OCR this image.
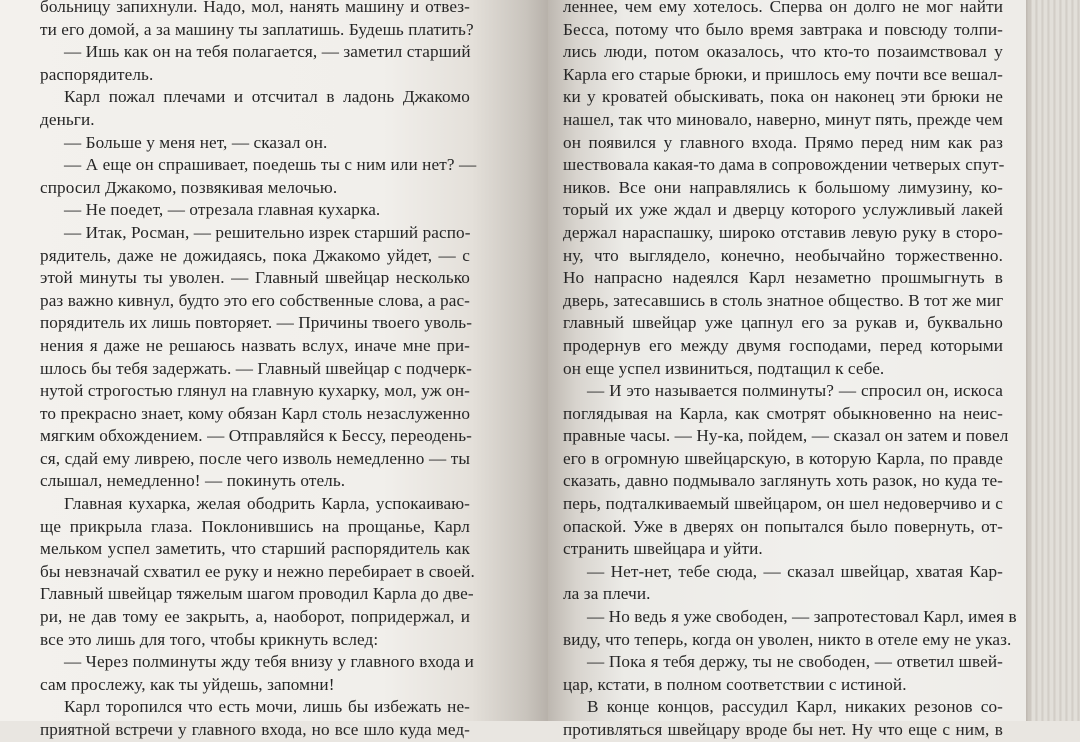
больницу запихнули. Надо, мол, нанять машину и отвез-
ти его домой, а за машину ты заплатишь. Будешь платить?
— Ишь как он на тебя полагается, — заметил старший
распорядитель.
Карл пожал плечами и отсчитал в ладонь Джакомо
деньги.
— Больше у меня нет, — сказал он.
— А еще он спрашивает, поедешь ты с ним или нет? —
спросил Джакомо, позвякивая мелочью.
— Не поедет, — отрезала главная кухарка.
— Итак, Росман, — решительно изрек старший распо-
рядитель, даже не дожидаясь, пока Джакомо уйдет, — с
этой минуты ты уволен. — Главный швейцар несколько
раз важно кивнул, будто это его собственные слова, а рас-
порядитель их лишь повторяет. — Причины твоего уволь-
нения я даже не решаюсь назвать вслух, иначе мне при-
шлось бы тебя задержать. — Главный швейцар с подчерк-
нутой строгостью глянул на главную кухарку, мол, уж он-
то прекрасно знает, кому обязан Карл столь незаслуженно
мягким обхождением. — Отправляйся к Бессу, переодень-
ся, сдай ему ливрею, после чего изволь немедленно — ты
слышал, немедленно! — покинуть отель.
Главная кухарка, желая ободрить Карла, успокаиваю-
ще прикрыла глаза. Поклонившись на прощанье, Карл
мельком успел заметить, что старший распорядитель как
бы невзначай схватил ее руку и нежно перебирает в своей.
Главный швейцар тяжелым шагом проводил Карла до две-
ри, не дав тому ее закрыть, а, наоборот, попридержал, и
все это лишь для того, чтобы крикнуть вслед:
— Через полминуты жду тебя внизу у главного входа и
сам прослежу, как ты уйдешь, запомни!
Карл торопился что есть мочи, лишь бы избежать не-
приятной встречи у главного входа, но все шло куда мед-
леннее, чем ему хотелось. Сперва он долго не мог найти
Бесса, потому что было время завтрака и повсюду толпи-
лись люди, потом оказалось, что кто-то позаимствовал у
Карла его старые брюки, и пришлось ему почти все вешал-
ки у кроватей обыскивать, пока он наконец эти брюки не
нашел, так что миновало, наверно, минут пять, прежде чем
он появился у главного входа. Прямо перед ним как раз
шествовала какая-то дама в сопровождении четверых спут-
ников. Все они направлялись к большому лимузину, ко-
торый их уже ждал и дверцу которого услужливый лакей
держал нараспашку, широко отставив левую руку в сторо-
ну, что выглядело, конечно, необычайно торжественно.
Но напрасно надеялся Карл незаметно прошмыгнуть в
дверь, затесавшись в столь знатное общество. В тот же миг
главный швейцар уже цапнул его за рукав и, буквально
продернув его между двумя господами, перед которыми
он еще успел извиниться, подтащил к себе.
— И это называется полминуты? — спросил он, искоса
поглядывая на Карла, как смотрят обыкновенно на неис-
правные часы. — Ну-ка, пойдем, — сказал он затем и повел
его в огромную швейцарскую, в которую Карла, по правде
сказать, давно подмывало заглянуть хоть разок, но куда те-
перь, подталкиваемый швейцаром, он шел недоверчиво и с
опаской. Уже в дверях он попытался было повернуть, от-
странить швейцара и уйти.
— Нет-нет, тебе сюда, — сказал швейцар, хватая Кар-
ла за плечи.
— Но ведь я уже свободен, — запротестовал Карл, имея в
виду, что теперь, когда он уволен, никто в отеле ему не указ.
— Пока я тебя держу, ты не свободен, — ответил швей-
цар, кстати, в полном соответствии с истиной.
В конце концов, рассудил Карл, никаких резонов со-
противляться швейцару вроде бы нет. Ну что еще с ним, в
